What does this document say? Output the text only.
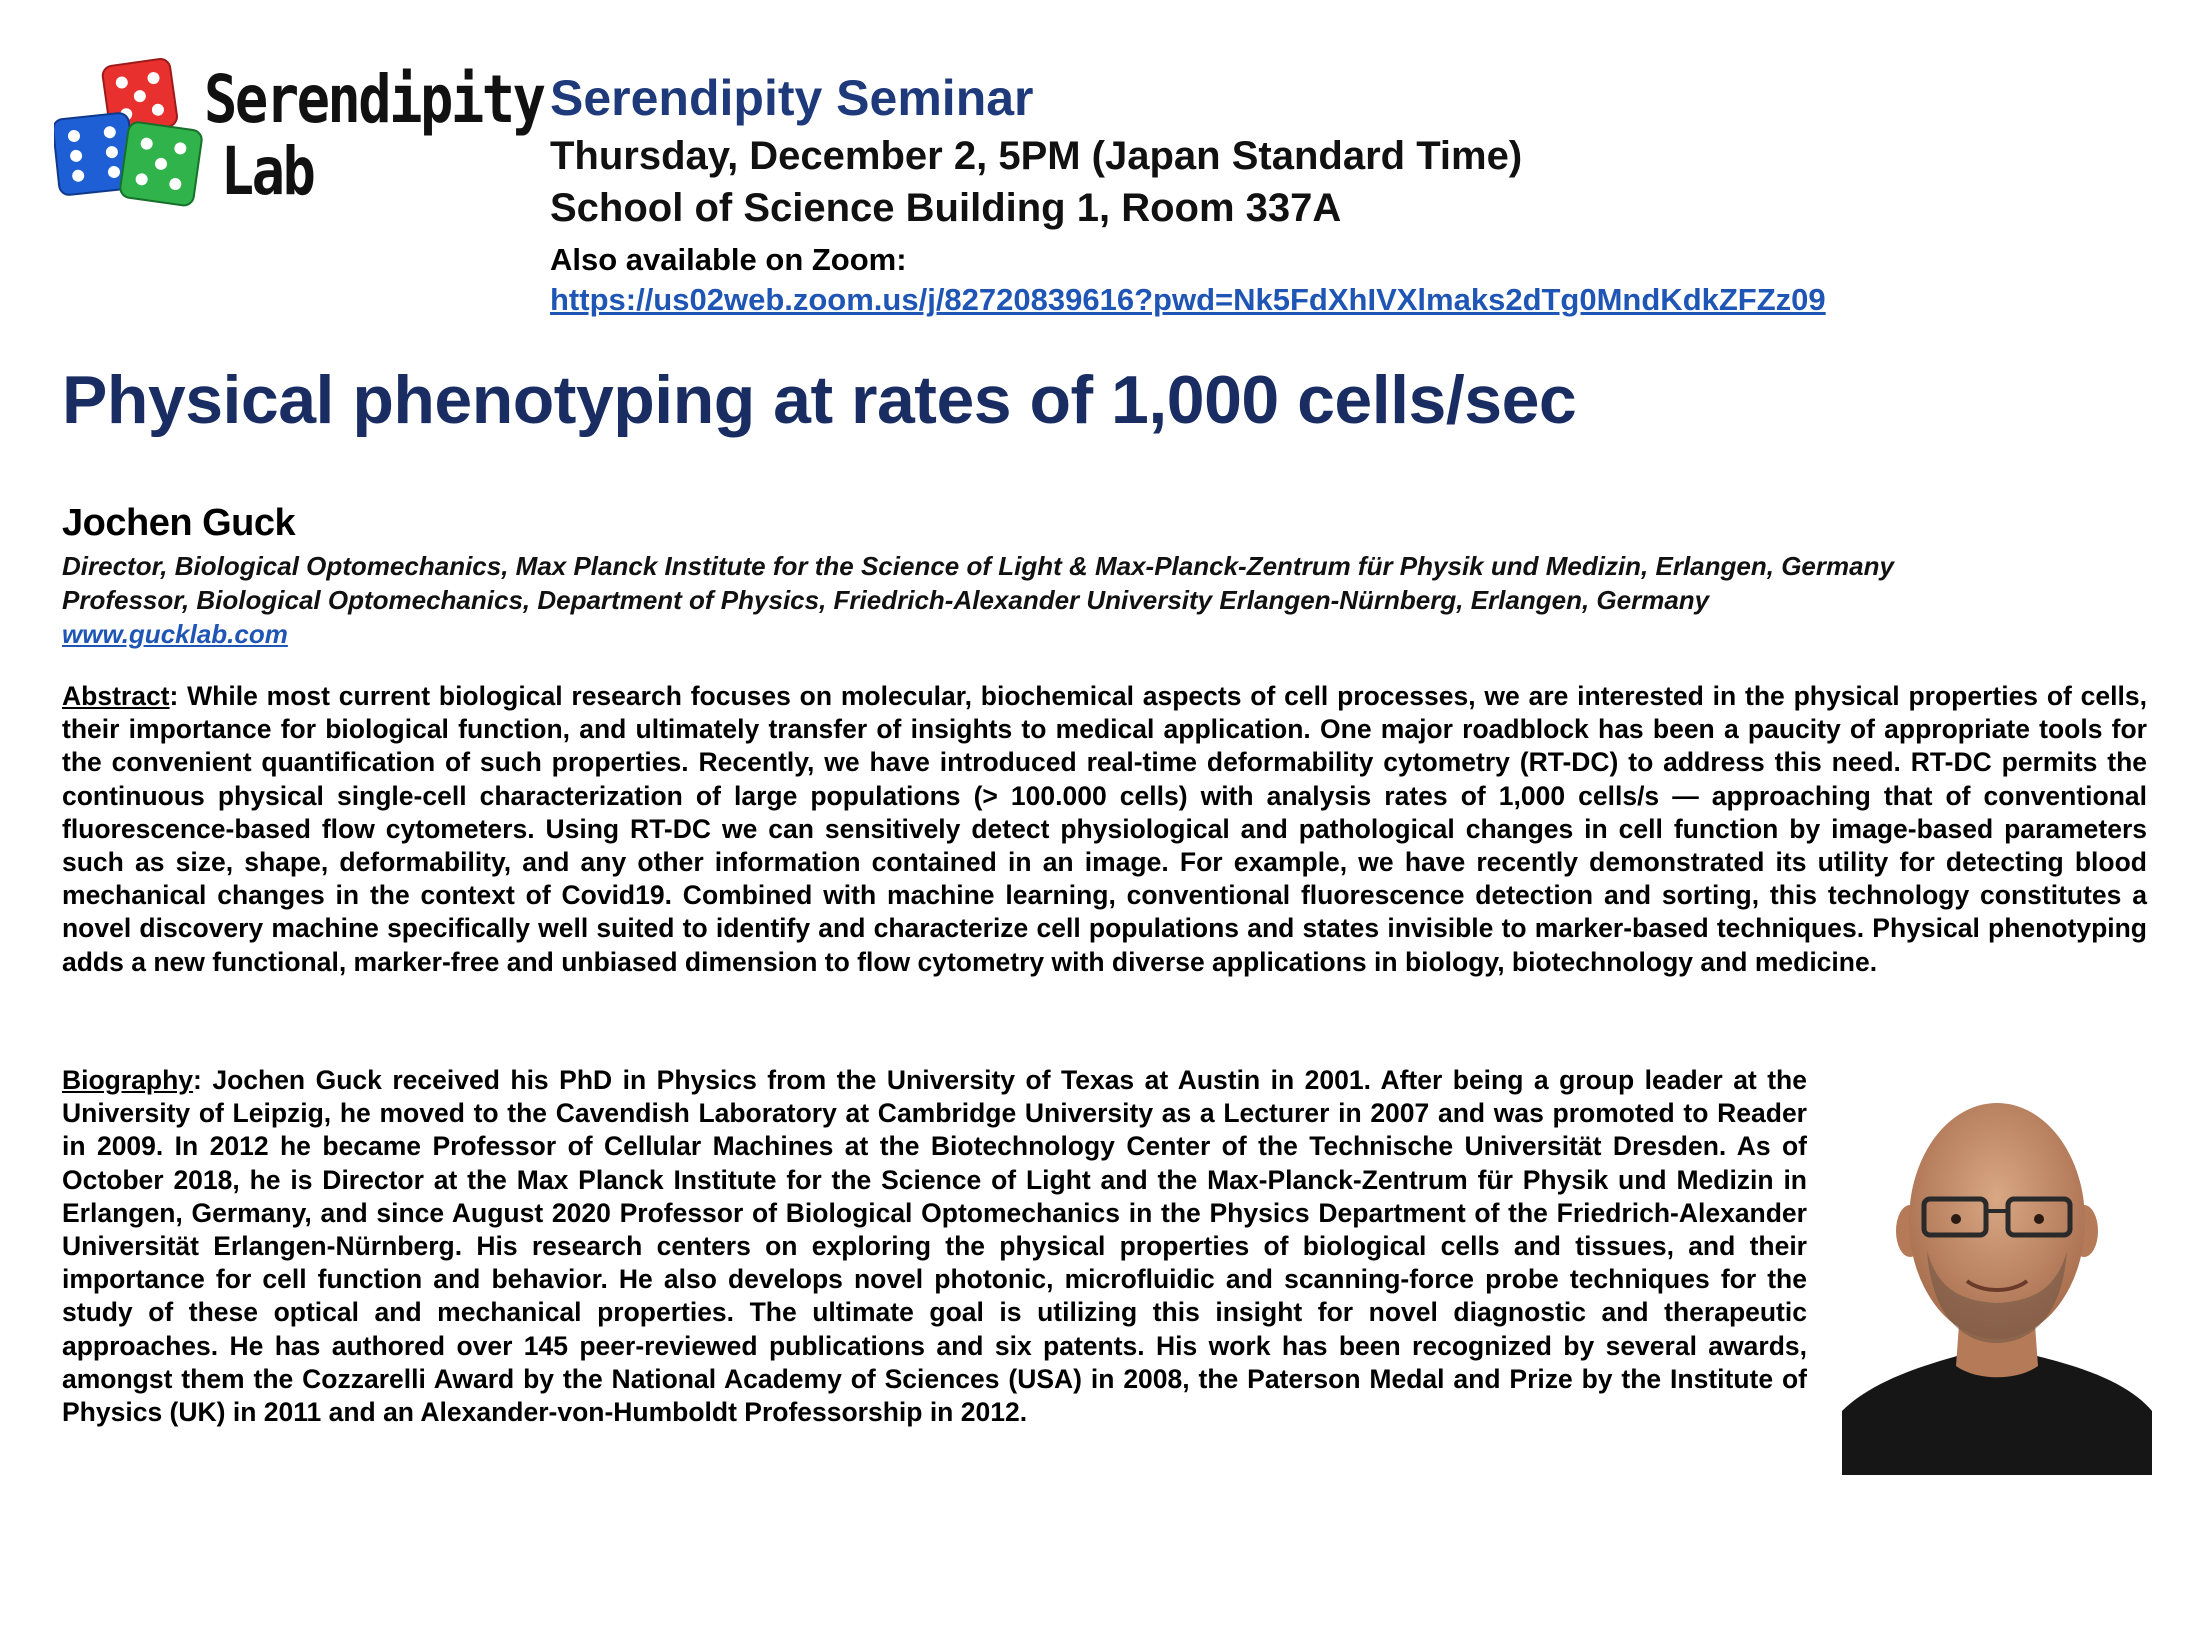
Serendipity
Lab
Serendipity Seminar
Thursday, December 2, 5PM (Japan Standard Time)
School of Science Building 1, Room 337A
Also available on Zoom:
https://us02web.zoom.us/j/82720839616?pwd=Nk5FdXhIVXlmaks2dTg0MndKdkZFZz09
Physical phenotyping at rates of 1,000 cells/sec
Jochen Guck
Director, Biological Optomechanics, Max Planck Institute for the Science of Light & Max-Planck-Zentrum für Physik und Medizin, Erlangen, Germany
Professor, Biological Optomechanics, Department of Physics, Friedrich-Alexander University Erlangen-Nürnberg, Erlangen, Germany
www.gucklab.com
Abstract: While most current biological research focuses on molecular, biochemical aspects of cell processes, we are interested in the physical properties of cells, their importance for biological function, and ultimately transfer of insights to medical application. One major roadblock has been a paucity of appropriate tools for the convenient quantification of such properties. Recently, we have introduced real-time deformability cytometry (RT-DC) to address this need. RT-DC permits the continuous physical single-cell characterization of large populations (> 100.000 cells) with analysis rates of 1,000 cells/s — approaching that of conventional fluorescence-based flow cytometers. Using RT-DC we can sensitively detect physiological and pathological changes in cell function by image-based parameters such as size, shape, deformability, and any other information contained in an image. For example, we have recently demonstrated its utility for detecting blood mechanical changes in the context of Covid19. Combined with machine learning, conventional fluorescence detection and sorting, this technology constitutes a novel discovery machine specifically well suited to identify and characterize cell populations and states invisible to marker-based techniques. Physical phenotyping adds a new functional, marker-free and unbiased dimension to flow cytometry with diverse applications in biology, biotechnology and medicine.
Biography: Jochen Guck received his PhD in Physics from the University of Texas at Austin in 2001. After being a group leader at the University of Leipzig, he moved to the Cavendish Laboratory at Cambridge University as a Lecturer in 2007 and was promoted to Reader in 2009. In 2012 he became Professor of Cellular Machines at the Biotechnology Center of the Technische Universität Dresden. As of October 2018, he is Director at the Max Planck Institute for the Science of Light and the Max-Planck-Zentrum für Physik und Medizin in Erlangen, Germany, and since August 2020 Professor of Biological Optomechanics in the Physics Department of the Friedrich-Alexander Universität Erlangen-Nürnberg. His research centers on exploring the physical properties of biological cells and tissues, and their importance for cell function and behavior. He also develops novel photonic, microfluidic and scanning-force probe techniques for the study of these optical and mechanical properties. The ultimate goal is utilizing this insight for novel diagnostic and therapeutic approaches. He has authored over 145 peer-reviewed publications and six patents. His work has been recognized by several awards, amongst them the Cozzarelli Award by the National Academy of Sciences (USA) in 2008, the Paterson Medal and Prize by the Institute of Physics (UK) in 2011 and an Alexander-von-Humboldt Professorship in 2012.
